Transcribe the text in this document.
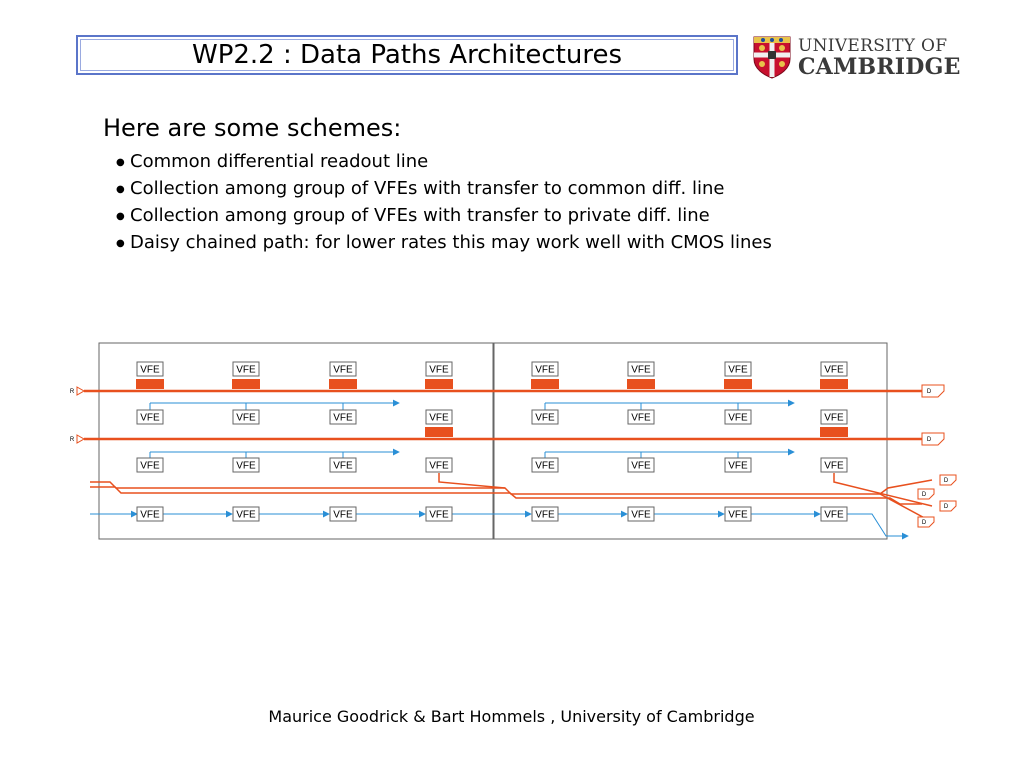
WP2.2 : Data Paths Architectures	UNIVERSITY OF
CAMBRIDGE
Here are some schemes:
● Common differential readout line
● Collection among group of VFEs with transfer to common diff. line
● Collection among group of VFEs with transfer to private diff. line
● Daisy chained path: for lower rates this may work well with CMOS lines
R
R
D
D
D
D
D
D
VFE	VFE	VFE	VFE	VFE	VFE	VFE	VFE
VFE	VFE	VFE	VFE	VFE	VFE	VFE	VFE
VFE	VFE	VFE	VFE	VFE	VFE	VFE	VFE
VFE	VFE	VFE	VFE	VFE	VFE	VFE	VFE
Maurice Goodrick & Bart Hommels , University of Cambridge
